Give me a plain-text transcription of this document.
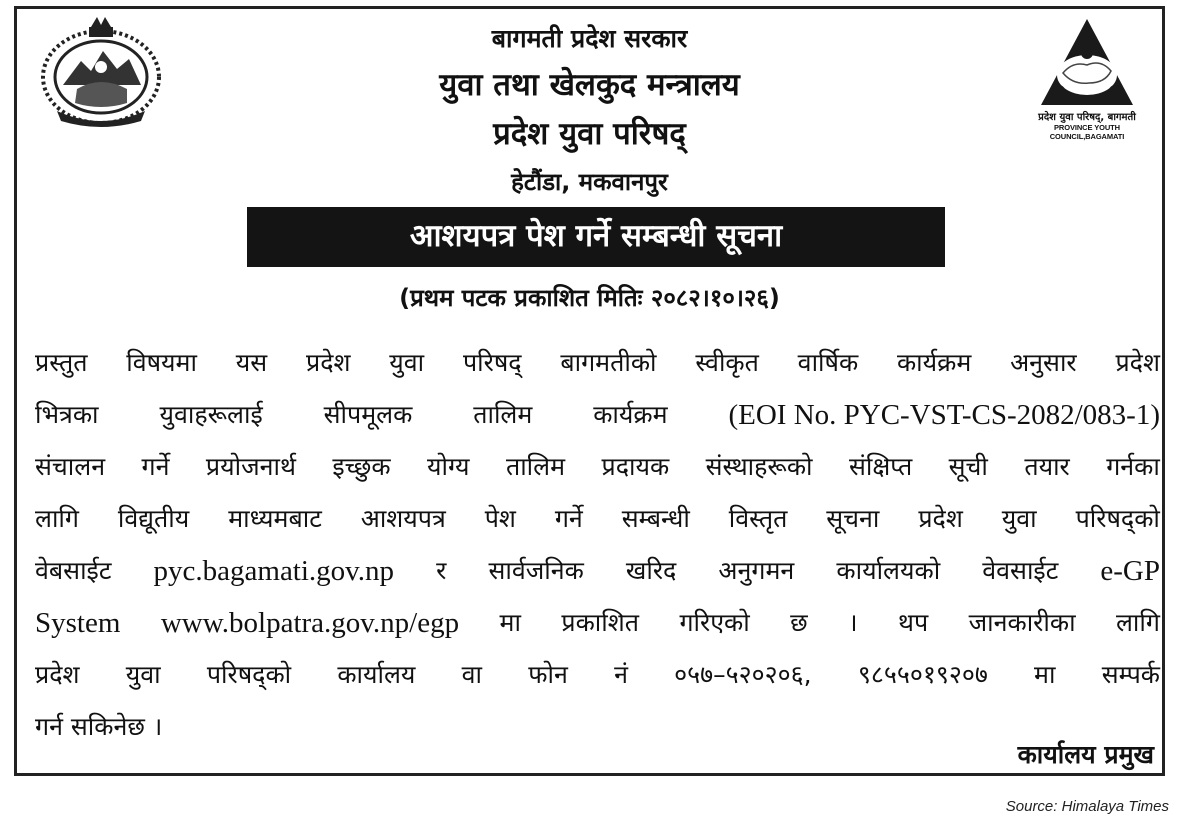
प्रदेश युवा परिषद्, बागमती
PROVINCE YOUTH COUNCIL,BAGAMATI
बागमती प्रदेश सरकार
युवा तथा खेलकुद मन्त्रालय
प्रदेश युवा परिषद्
हेटौंडा, मकवानपुर
आशयपत्र पेश गर्ने सम्बन्धी सूचना
(प्रथम पटक प्रकाशित मितिः २०८२।१०।२६)
प्रस्तुत विषयमा यस प्रदेश युवा परिषद् बागमतीको स्वीकृत वार्षिक कार्यक्रम अनुसार प्रदेश
भित्रका युवाहरूलाई सीपमूलक तालिम कार्यक्रम (EOI No. PYC-VST-CS-2082/083-1)
संचालन गर्ने प्रयोजनार्थ इच्छुक योग्य तालिम प्रदायक संस्थाहरूको संक्षिप्त सूची तयार गर्नका
लागि विद्यूतीय माध्यमबाट आशयपत्र पेश गर्ने सम्बन्धी विस्तृत सूचना प्रदेश युवा परिषद्को
वेबसाईट pyc.bagamati.gov.np र सार्वजनिक खरिद अनुगमन कार्यालयको वेवसाईट e-GP
System www.bolpatra.gov.np/egp मा प्रकाशित गरिएको छ । थप जानकारीका लागि
प्रदेश युवा परिषद्को कार्यालय वा फोन नं ०५७–५२०२०६, ९८५५०१९२०७ मा सम्पर्क
गर्न सकिनेछ ।
कार्यालय प्रमुख
Source: Himalaya Times
